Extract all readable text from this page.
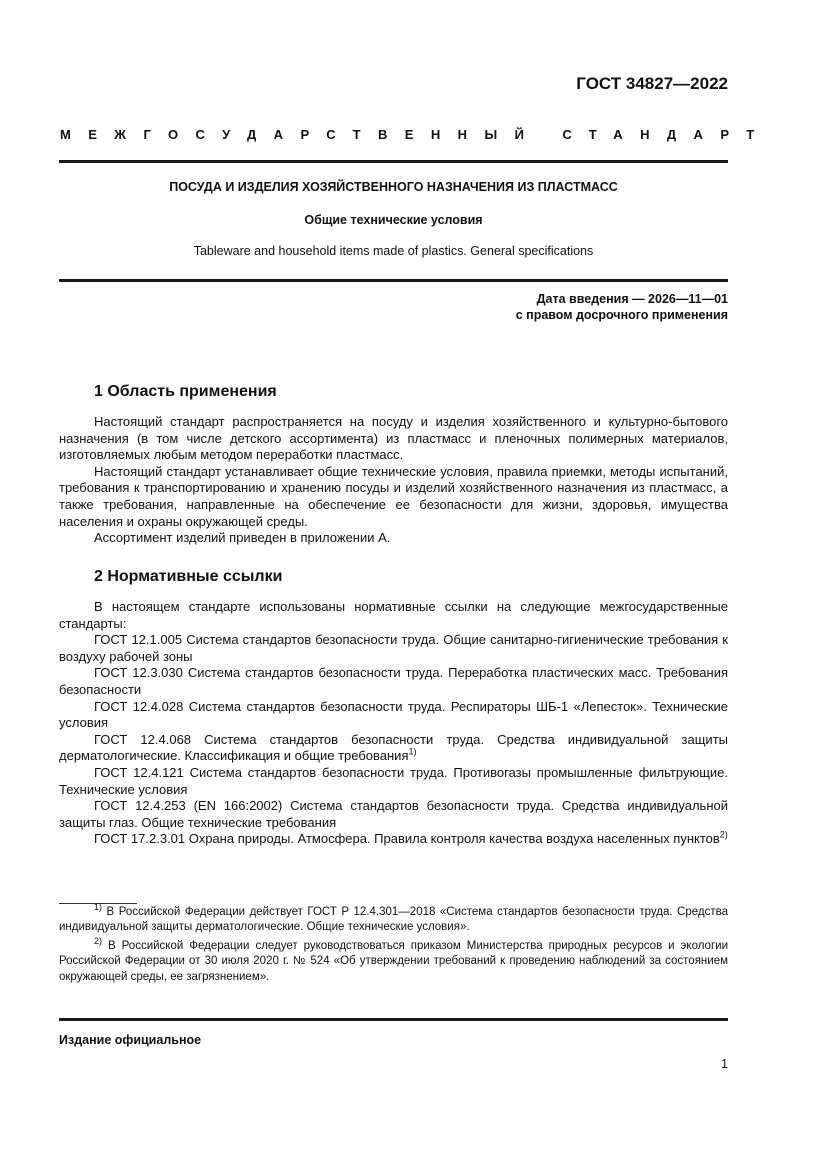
ГОСТ 34827—2022
МЕЖГОСУДАРСТВЕННЫЙ СТАНДАРТ
ПОСУДА И ИЗДЕЛИЯ ХОЗЯЙСТВЕННОГО НАЗНАЧЕНИЯ ИЗ ПЛАСТМАСС
Общие технические условия
Tableware and household items made of plastics. General specifications
Дата введения — 2026—11—01
с правом досрочного применения
1 Область применения

Настоящий стандарт распространяется на посуду и изделия хозяйственного и культурно-бытового назначения (в том числе детского ассортимента) из пластмасс и пленочных полимерных материалов, изготовляемых любым методом переработки пластмасс.

Настоящий стандарт устанавливает общие технические условия, правила приемки, методы испытаний, требования к транспортированию и хранению посуды и изделий хозяйственного назначения из пластмасс, а также требования, направленные на обеспечение ее безопасности для жизни, здоровья, имущества населения и охраны окружающей среды.

Ассортимент изделий приведен в приложении А.

2 Нормативные ссылки

В настоящем стандарте использованы нормативные ссылки на следующие межгосударственные стандарты:

ГОСТ 12.1.005 Система стандартов безопасности труда. Общие санитарно-гигиенические требования к воздуху рабочей зоны

ГОСТ 12.3.030 Система стандартов безопасности труда. Переработка пластических масс. Требования безопасности

ГОСТ 12.4.028 Система стандартов безопасности труда. Респираторы ШБ-1 «Лепесток». Технические условия

ГОСТ 12.4.068 Система стандартов безопасности труда. Средства индивидуальной защиты дерматологические. Классификация и общие требования$^{1)}$

ГОСТ 12.4.121 Система стандартов безопасности труда. Противогазы промышленные фильтрующие. Технические условия

ГОСТ 12.4.253 (EN 166:2002) Система стандартов безопасности труда. Средства индивидуальной защиты глаз. Общие технические требования

ГОСТ 17.2.3.01 Охрана природы. Атмосфера. Правила контроля качества воздуха населенных пунктов$^{2)}$

$^{1)}$ В Российской Федерации действует ГОСТ Р 12.4.301—2018 «Система стандартов безопасности труда. Средства индивидуальной защиты дерматологические. Общие технические условия».

$^{2)}$ В Российской Федерации следует руководствоваться приказом Министерства природных ресурсов и экологии Российской Федерации от 30 июля 2020 г. № 524 «Об утверждении требований к проведению наблюдений за состоянием окружающей среды, ее загрязнением».

Издание официальное
1
